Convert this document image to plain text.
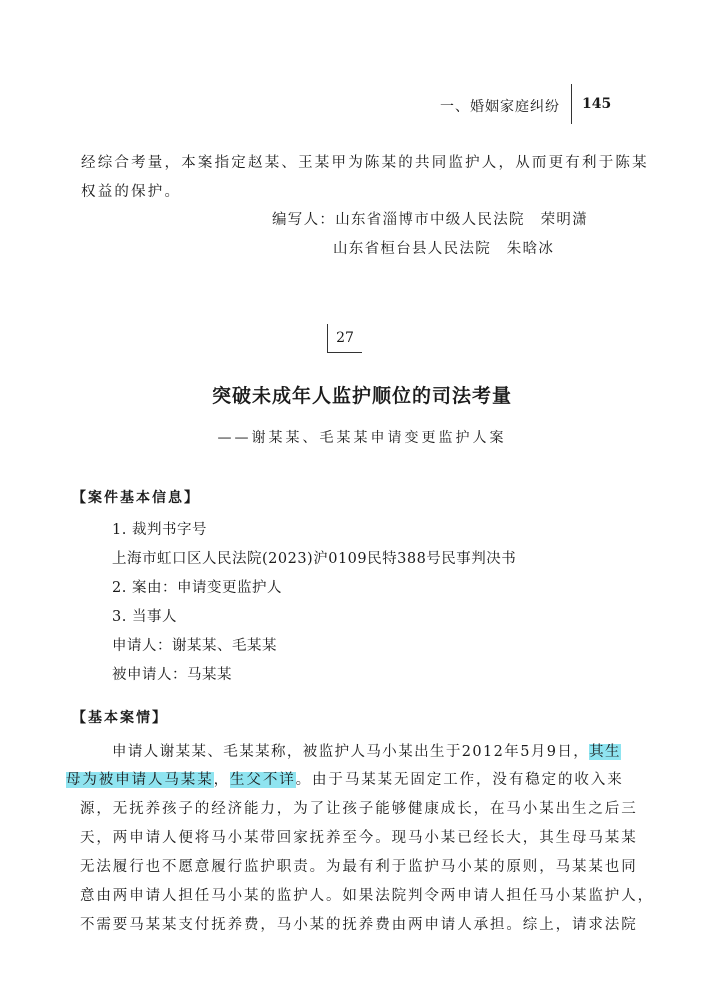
一、婚姻家庭纠纷 145
经综合考量，本案指定赵某、王某甲为陈某的共同监护人，从而更有利于陈某
权益的保护。
编写人：山东省淄博市中级人民法院　荣明潇
山东省桓台县人民法院　朱晗冰
27
突破未成年人监护顺位的司法考量
——谢某某、毛某某申请变更监护人案
【案件基本信息】
1. 裁判书字号
上海市虹口区人民法院(2023)沪0109民特388号民事判决书
2. 案由：申请变更监护人
3. 当事人
申请人：谢某某、毛某某
被申请人：马某某
【基本案情】
申请人谢某某、毛某某称，被监护人马小某出生于2012年5月9日，其生
母为被申请人马某某，生父不详。由于马某某无固定工作，没有稳定的收入来
源，无抚养孩子的经济能力，为了让孩子能够健康成长，在马小某出生之后三
天，两申请人便将马小某带回家抚养至今。现马小某已经长大，其生母马某某
无法履行也不愿意履行监护职责。为最有利于监护马小某的原则，马某某也同
意由两申请人担任马小某的监护人。如果法院判令两申请人担任马小某监护人，
不需要马某某支付抚养费，马小某的抚养费由两申请人承担。综上，请求法院
